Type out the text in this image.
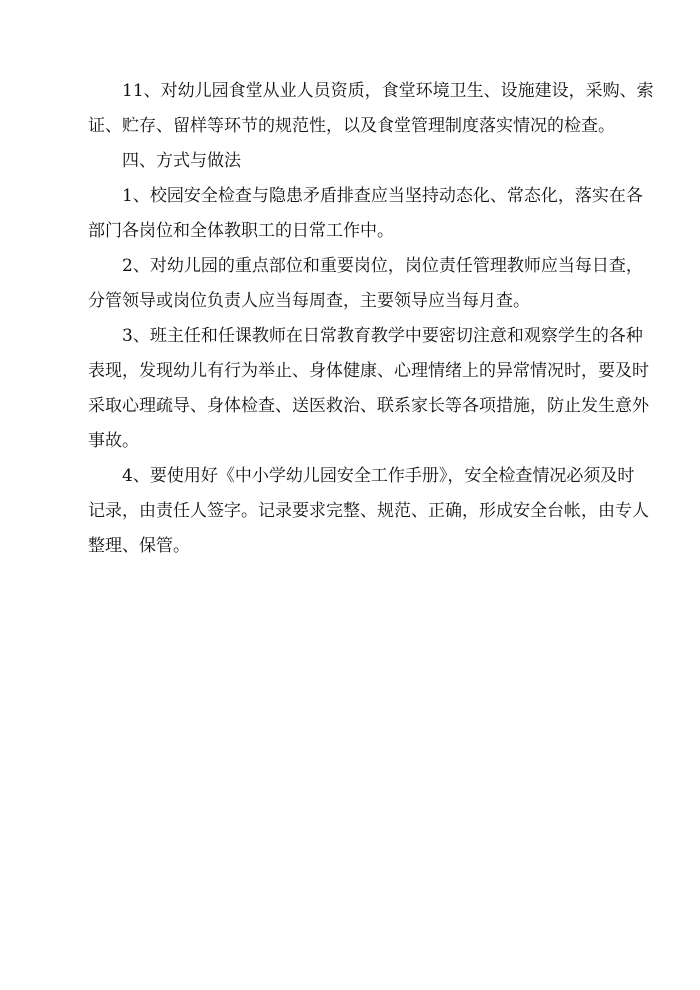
11、对幼儿园食堂从业人员资质，食堂环境卫生、设施建设，采购、索
证、贮存、留样等环节的规范性，以及食堂管理制度落实情况的检查。

四、方式与做法

1、校园安全检查与隐患矛盾排查应当坚持动态化、常态化，落实在各
部门各岗位和全体教职工的日常工作中。

2、对幼儿园的重点部位和重要岗位，岗位责任管理教师应当每日查，
分管领导或岗位负责人应当每周查，主要领导应当每月查。

3、班主任和任课教师在日常教育教学中要密切注意和观察学生的各种
表现，发现幼儿有行为举止、身体健康、心理情绪上的异常情况时，要及时
采取心理疏导、身体检查、送医救治、联系家长等各项措施，防止发生意外
事故。

4、要使用好《中小学幼儿园安全工作手册》，安全检查情况必须及时
记录，由责任人签字。记录要求完整、规范、正确，形成安全台帐，由专人
整理、保管。
